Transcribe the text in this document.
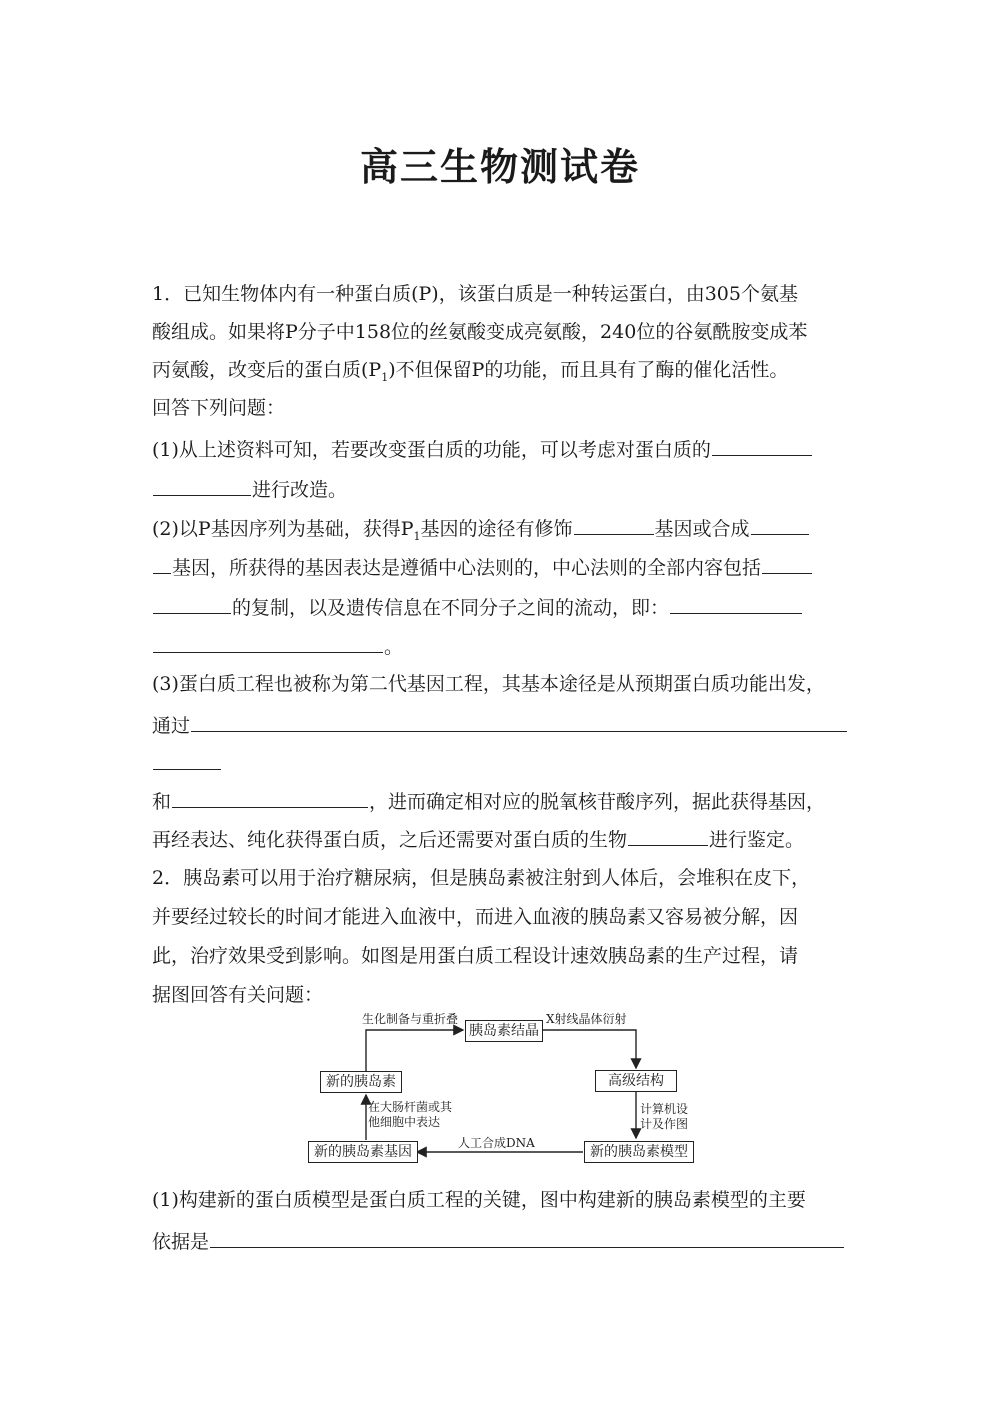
高三生物测试卷
1．已知生物体内有一种蛋白质(P)，该蛋白质是一种转运蛋白，由305个氨基
酸组成。如果将P分子中158位的丝氨酸变成亮氨酸，240位的谷氨酰胺变成苯
丙氨酸，改变后的蛋白质$(P_1)$不但保留P的功能，而且具有了酶的催化活性。
回答下列问题：
(1)从上述资料可知，若要改变蛋白质的功能，可以考虑对蛋白质的
进行改造。
(2)以P基因序列为基础，获得$P_1$基因的途径有修饰	基因或合成
基因，所获得的基因表达是遵循中心法则的，中心法则的全部内容包括
的复制，以及遗传信息在不同分子之间的流动，即：
。
(3)蛋白质工程也被称为第二代基因工程，其基本途径是从预期蛋白质功能出发，
通过
和	，进而确定相对应的脱氧核苷酸序列，据此获得基因，
再经表达、纯化获得蛋白质，之后还需要对蛋白质的生物	进行鉴定。
2．胰岛素可以用于治疗糖尿病，但是胰岛素被注射到人体后，会堆积在皮下，
并要经过较长的时间才能进入血液中，而进入血液的胰岛素又容易被分解，因
此，治疗效果受到影响。如图是用蛋白质工程设计速效胰岛素的生产过程，请
据图回答有关问题：
胰岛素结晶
高级结构
新的胰岛素模型
新的胰岛素基因
新的胰岛素
生化制备与重折叠	X射线晶体衍射
计算机设
计及作图
人工合成DNA
在大肠杆菌或其
他细胞中表达
(1)构建新的蛋白质模型是蛋白质工程的关键，图中构建新的胰岛素模型的主要
依据是
